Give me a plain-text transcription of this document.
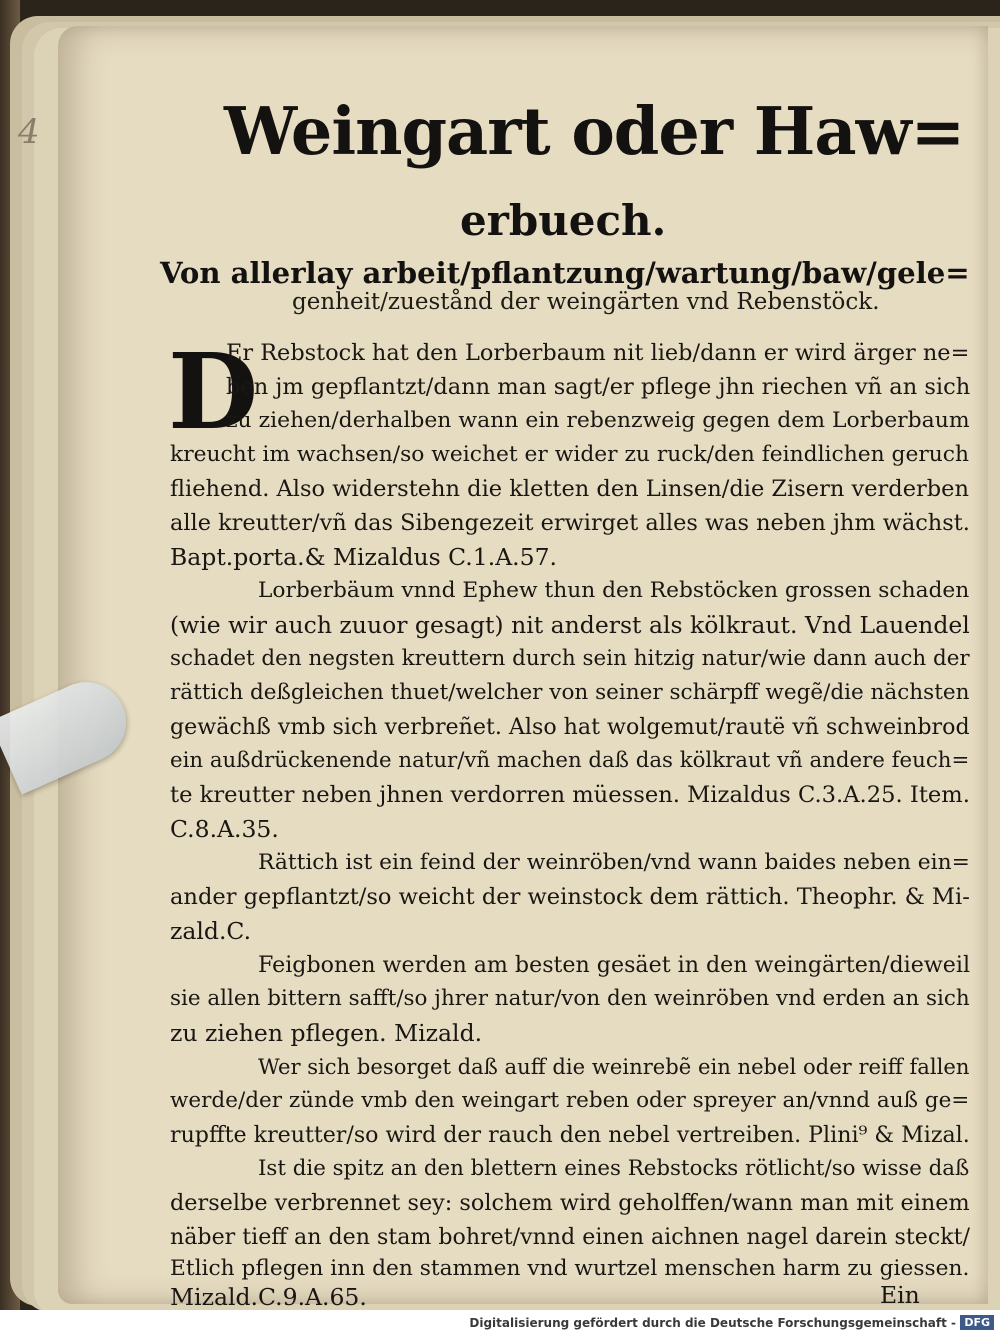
4	Weingart oder Haw=
erbuech.
Von allerlay arbeit/pflantzung/wartung/baw/gele=
genheit/zuestånd der weingärten vnd Rebenstöck.
D
Er Rebstock hat den Lorberbaum nit lieb/dann er wird ärger ne=
ben jm gepflantzt/dann man sagt/er pflege jhn riechen vñ an sich
zu ziehen/derhalben wann ein rebenzweig gegen dem Lorberbaum
kreucht im wachsen/so weichet er wider zu ruck/den feindlichen geruch
fliehend. Also widerstehn die kletten den Linsen/die Zisern verderben
alle kreutter/vñ das Sibengezeit erwirget alles was neben jhm wächst.
Bapt.porta.& Mizaldus C.1.A.57.
Lorberbäum vnnd Ephew thun den Rebstöcken grossen schaden
(wie wir auch zuuor gesagt) nit anderst als kölkraut. Vnd Lauendel
schadet den negsten kreuttern durch sein hitzig natur/wie dann auch der
rättich deßgleichen thuet/welcher von seiner schärpff wegẽ/die nächsten
gewächß vmb sich verbreñet. Also hat wolgemut/rautë vñ schweinbrod
ein außdrückenende natur/vñ machen daß das kölkraut vñ andere feuch=
te kreutter neben jhnen verdorren müessen. Mizaldus C.3.A.25. Item.
C.8.A.35.
Rättich ist ein feind der weinröben/vnd wann baides neben ein=
ander gepflantzt/so weicht der weinstock dem rättich. Theophr. & Mi-
zald.C.
Feigbonen werden am besten gesäet in den weingärten/dieweil
sie allen bittern safft/so jhrer natur/von den weinröben vnd erden an sich
zu ziehen pflegen. Mizald.
Wer sich besorget daß auff die weinrebẽ ein nebel oder reiff fallen
werde/der zünde vmb den weingart reben oder spreyer an/vnnd auß ge=
rupffte kreutter/so wird der rauch den nebel vertreiben. Plini⁹ & Mizal.
Ist die spitz an den blettern eines Rebstocks rötlicht/so wisse daß
derselbe verbrennet sey: solchem wird geholffen/wann man mit einem
näber tieff an den stam bohret/vnnd einen aichnen nagel darein steckt/
Etlich pflegen inn den stammen vnd wurtzel menschen harm zu giessen.
Mizald.C.9.A.65.	Ein
Digitalisierung gefördert durch die Deutsche Forschungsgemeinschaft - DFG
